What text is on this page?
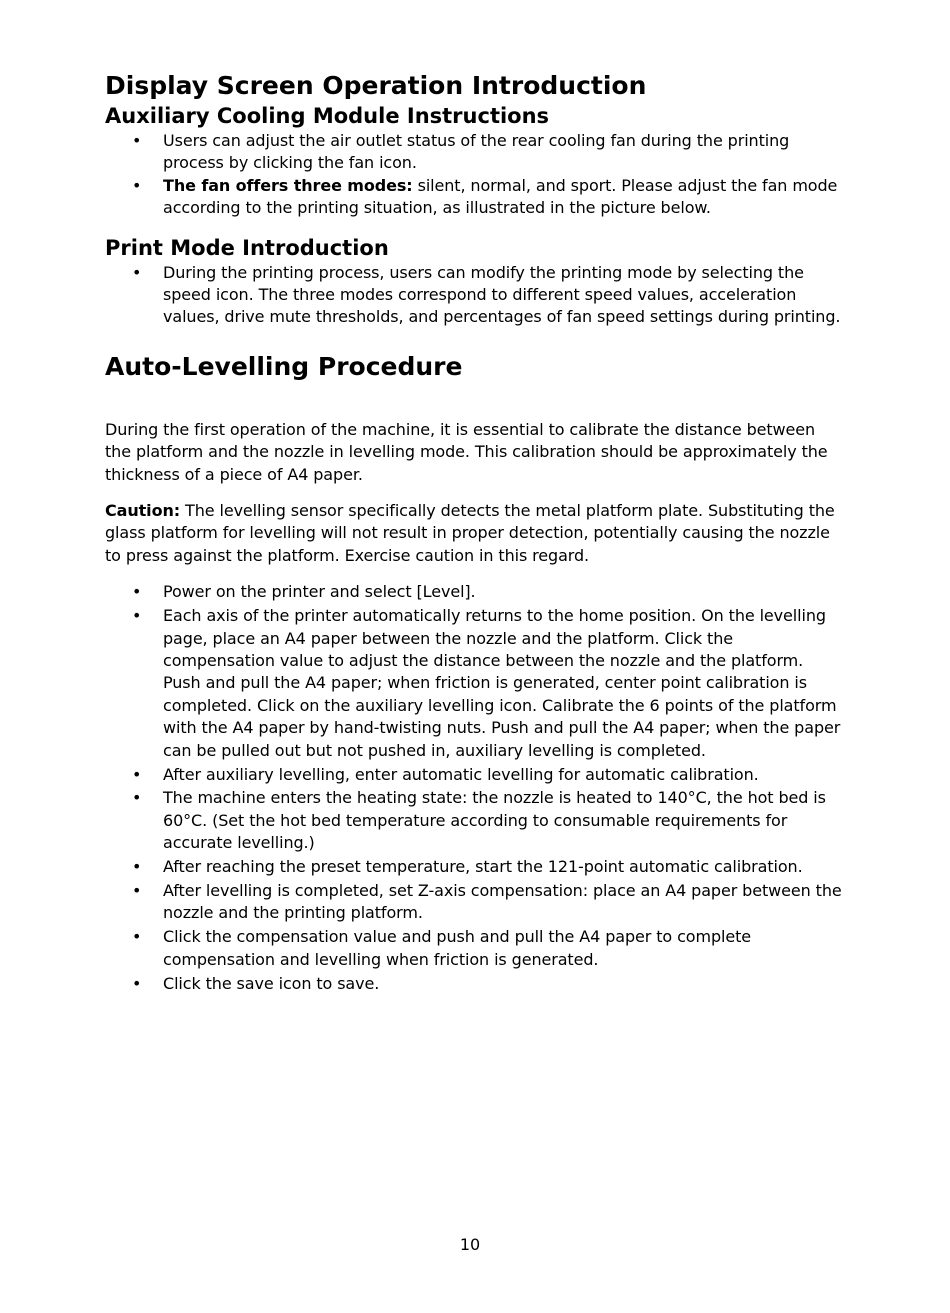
Display Screen Operation Introduction
Auxiliary Cooling Module Instructions
• Users can adjust the air outlet status of the rear cooling fan during the printing process by clicking the fan icon.
• The fan offers three modes: silent, normal, and sport. Please adjust the fan mode according to the printing situation, as illustrated in the picture below.
Print Mode Introduction
• During the printing process, users can modify the printing mode by selecting the speed icon. The three modes correspond to different speed values, acceleration values, drive mute thresholds, and percentages of fan speed settings during printing.
Auto-Levelling Procedure

During the first operation of the machine, it is essential to calibrate the distance between the platform and the nozzle in levelling mode. This calibration should be approximately the thickness of a piece of A4 paper.

Caution: The levelling sensor specifically detects the metal platform plate. Substituting the glass platform for levelling will not result in proper detection, potentially causing the nozzle to press against the platform. Exercise caution in this regard.

• Power on the printer and select [Level].
• Each axis of the printer automatically returns to the home position. On the levelling page, place an A4 paper between the nozzle and the platform. Click the compensation value to adjust the distance between the nozzle and the platform. Push and pull the A4 paper; when friction is generated, center point calibration is completed. Click on the auxiliary levelling icon. Calibrate the 6 points of the platform with the A4 paper by hand-twisting nuts. Push and pull the A4 paper; when the paper can be pulled out but not pushed in, auxiliary levelling is completed.
• After auxiliary levelling, enter automatic levelling for automatic calibration.
• The machine enters the heating state: the nozzle is heated to 140°C, the hot bed is 60°C. (Set the hot bed temperature according to consumable requirements for accurate levelling.)
• After reaching the preset temperature, start the 121-point automatic calibration.
• After levelling is completed, set Z-axis compensation: place an A4 paper between the nozzle and the printing platform.
• Click the compensation value and push and pull the A4 paper to complete compensation and levelling when friction is generated.
• Click the save icon to save.
10
